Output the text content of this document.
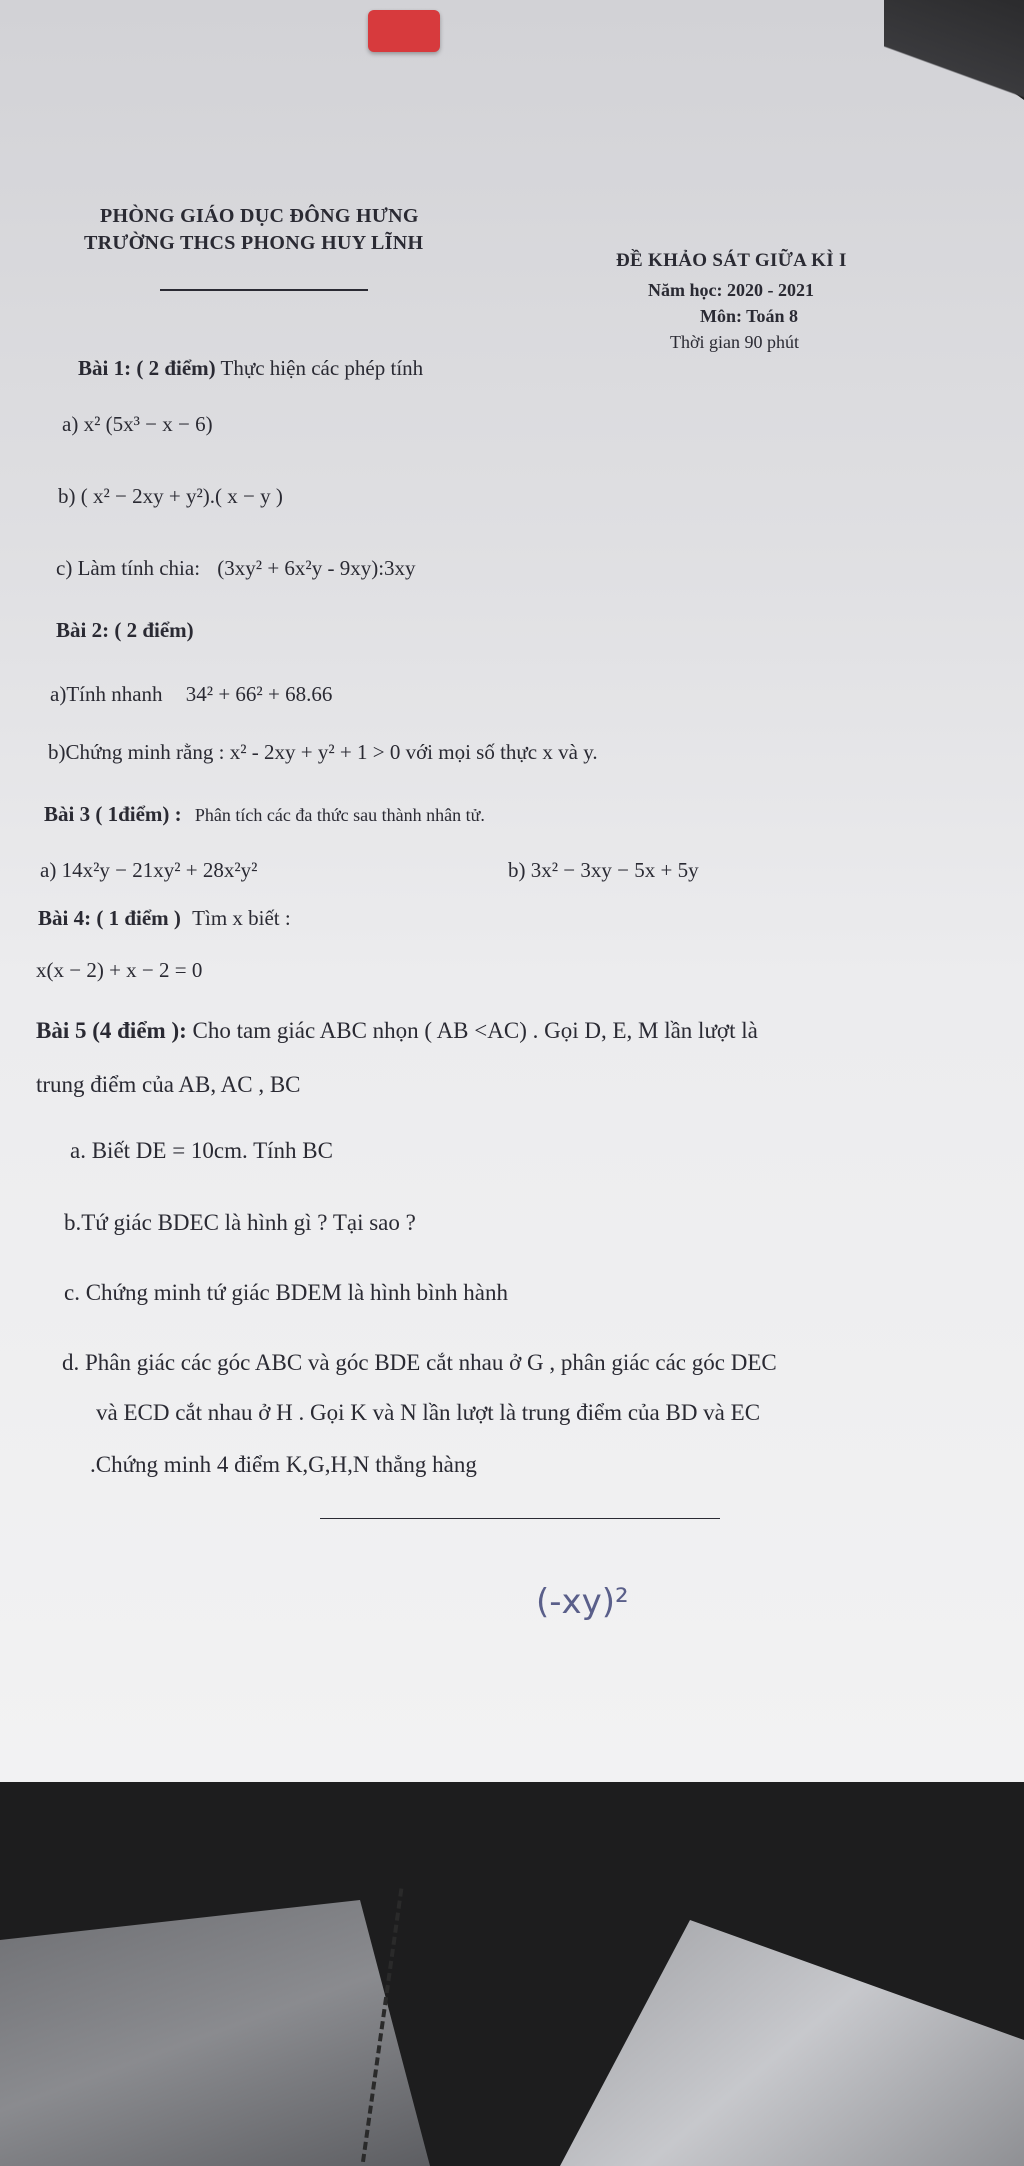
PHÒNG GIÁO DỤC ĐÔNG HƯNG
TRƯỜNG THCS PHONG HUY LĨNH
ĐỀ KHẢO SÁT GIỮA KÌ I
Năm học: 2020 - 2021
Môn: Toán 8
Thời gian 90 phút
Bài 1: ( 2 điểm) Thực hiện các phép tính
a) x² (5x³ − x − 6)
b) ( x² − 2xy + y²).( x − y )
c) Làm tính chia: (3xy² + 6x²y - 9xy):3xy
Bài 2: ( 2 điểm)
a)Tính nhanh 34² + 66² + 68.66
b)Chứng minh rằng : x² - 2xy + y² + 1 > 0 với mọi số thực x và y.
Bài 3 ( 1điểm) : Phân tích các đa thức sau thành nhân tử.
a) 14x²y − 21xy² + 28x²y²	b) 3x² − 3xy − 5x + 5y
Bài 4: ( 1 điểm ) Tìm x biết :
x(x − 2) + x − 2 = 0
Bài 5 (4 điểm ): Cho tam giác ABC nhọn ( AB <AC) . Gọi D, E, M lần lượt là
trung điểm của AB, AC , BC
a. Biết DE = 10cm. Tính BC
b.Tứ giác BDEC là hình gì ? Tại sao ?
c. Chứng minh tứ giác BDEM là hình bình hành
d. Phân giác các góc ABC và góc BDE cắt nhau ở G , phân giác các góc DEC
và ECD cắt nhau ở H . Gọi K và N lần lượt là trung điểm của BD và EC
.Chứng minh 4 điểm K,G,H,N thẳng hàng
(-xy)²
